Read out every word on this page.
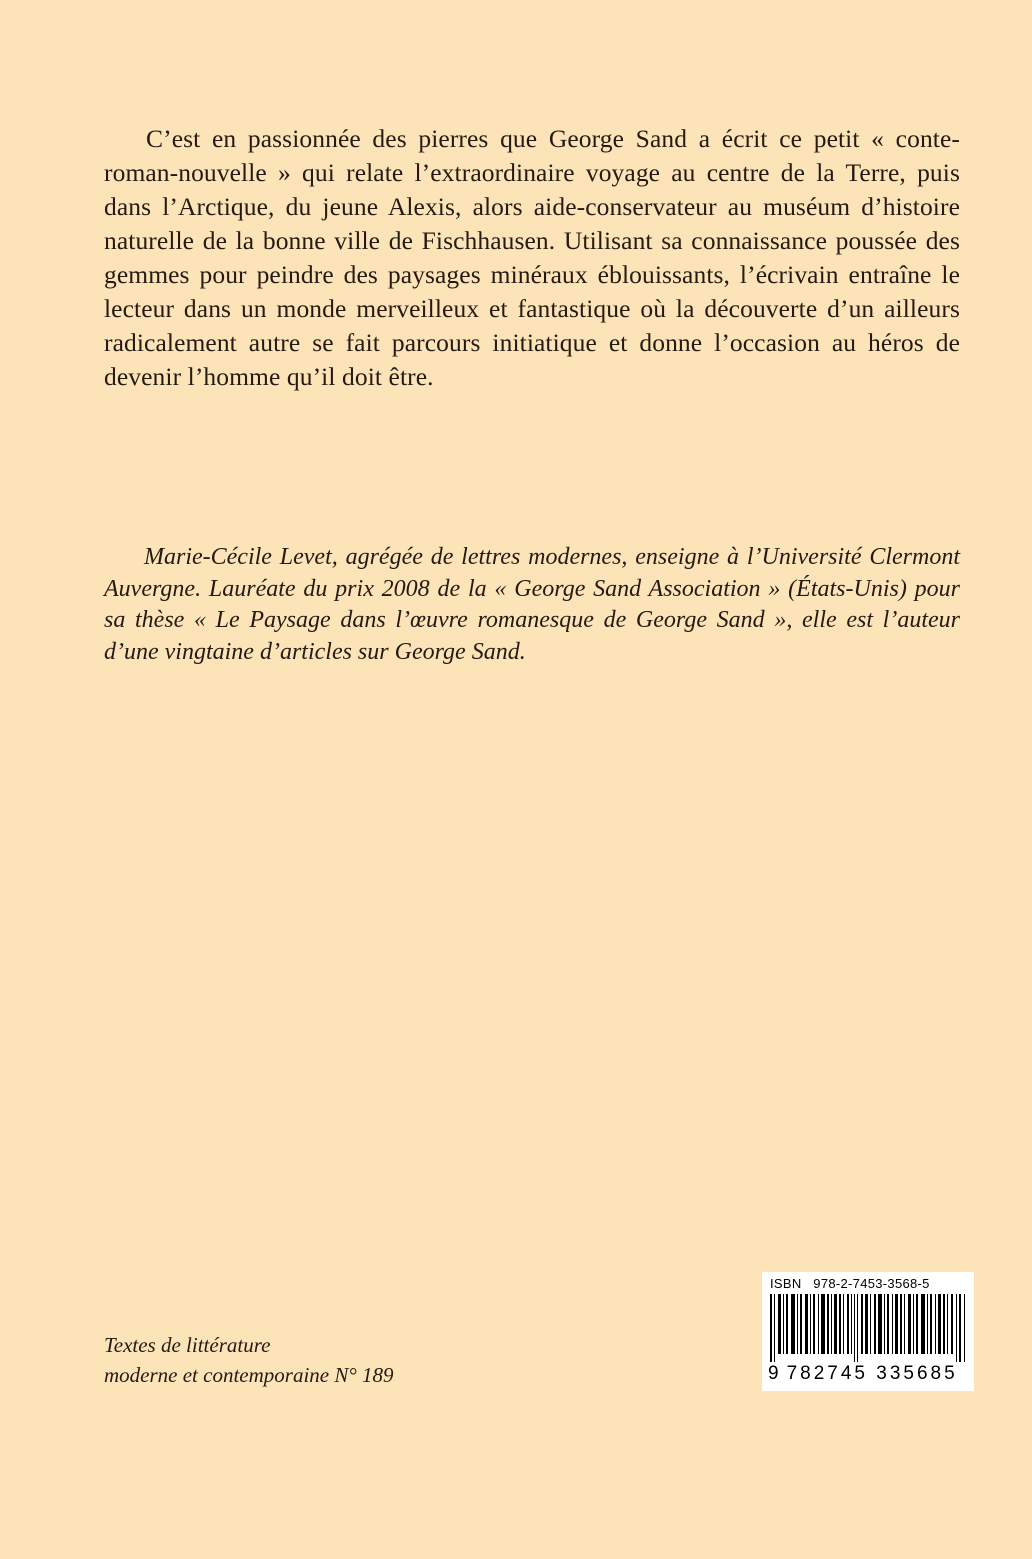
C’est en passionnée des pierres que George Sand a écrit ce petit « conte-roman-nouvelle » qui relate l’extraordinaire voyage au centre de la Terre, puis dans l’Arctique, du jeune Alexis, alors aide-conservateur au muséum d’histoire naturelle de la bonne ville de Fischhausen. Utilisant sa connaissance poussée des gemmes pour peindre des paysages minéraux éblouissants, l’écrivain entraîne le lecteur dans un monde merveilleux et fantastique où la découverte d’un ailleurs radicalement autre se fait parcours initiatique et donne l’occasion au héros de devenir l’homme qu’il doit être.

Marie-Cécile Levet, agrégée de lettres modernes, enseigne à l’Université Clermont Auvergne. Lauréate du prix 2008 de la « George Sand Association » (États-Unis) pour sa thèse « Le Paysage dans l’œuvre romanesque de George Sand », elle est l’auteur d’une vingtaine d’articles sur George Sand.

Textes de littérature
moderne et contemporaine N° 189
ISBN 978-2-7453-3568-5
9 782745 335685
